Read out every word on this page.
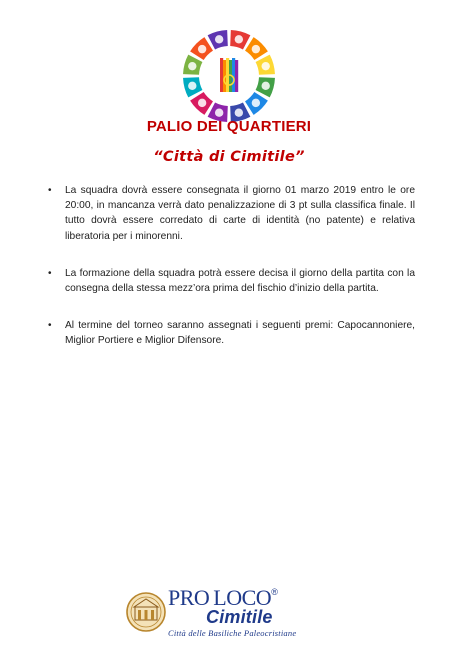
PALIO DEI QUARTIERI
“Città di Cimitile”
• La squadra dovrà essere consegnata il giorno 01 marzo 2019 entro le ore 20:00, in mancanza verrà dato penalizzazione di 3 pt sulla classifica finale. Il tutto dovrà essere corredato di carte di identità (no patente) e relativa liberatoria per i minorenni.
• La formazione della squadra potrà essere decisa il giorno della partita con la consegna della stessa mezz’ora prima del fischio d’inizio della partita.
• Al termine del torneo saranno assegnati i seguenti premi: Capocannoniere, Miglior Portiere e Miglior Difensore.
PRO LOCO®
Cimitile
Città delle Basiliche Paleocristiane
